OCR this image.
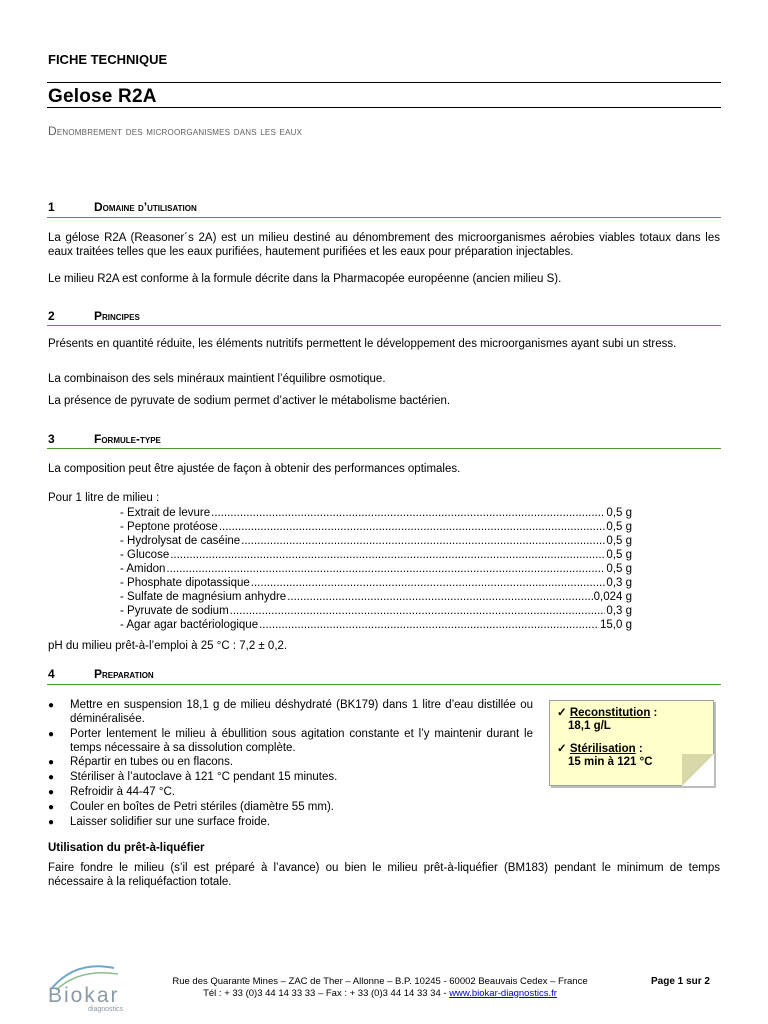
FICHE TECHNIQUE
Gelose R2A
Denombrement des microorganismes dans les eaux
1	Domaine d’utilisation
La gélose R2A (Reasoner´s 2A) est un milieu destiné au dénombrement des microorganismes aérobies viables totaux dans les eaux traitées telles que les eaux purifiées, hautement purifiées et les eaux pour préparation injectables.
Le milieu R2A est conforme à la formule décrite dans la Pharmacopée européenne (ancien milieu S).
2	Principes
Présents en quantité réduite, les éléments nutritifs permettent le développement des microorganismes ayant subi un stress.
La combinaison des sels minéraux maintient l’équilibre osmotique.
La présence de pyruvate de sodium permet d’activer le métabolisme bactérien.
3	Formule-type
La composition peut être ajustée de façon à obtenir des performances optimales.
Pour 1 litre de milieu :
- Extrait de levure .....	0,5 g
- Peptone protéose .....	0,5 g
- Hydrolysat de caséine .....	0,5 g
- Glucose .....	0,5 g
- Amidon .....	0,5 g
- Phosphate dipotassique .....	0,3 g
- Sulfate de magnésium anhydre .....	0,024 g
- Pyruvate de sodium .....	0,3 g
- Agar agar bactériologique .....	15,0 g
pH du milieu prêt-à-l’emploi à 25 °C : 7,2 ± 0,2.
4	Preparation
●	Mettre en suspension 18,1 g de milieu déshydraté (BK179) dans 1 litre d’eau distillée ou déminéralisée.
●	Porter lentement le milieu à ébullition sous agitation constante et l’y maintenir durant le temps nécessaire à sa dissolution complète.
●	Répartir en tubes ou en flacons.
●	Stériliser à l’autoclave à 121 °C pendant 15 minutes.
●	Refroidir à 44-47 °C.
●	Couler en boîtes de Petri stériles (diamètre 55 mm).
●	Laisser solidifier sur une surface froide.
✓ Reconstitution :
18,1 g/L
✓ Stérilisation :
15 min à 121 °C
Utilisation du prêt-à-liquéfier
Faire fondre le milieu (s’il est préparé à l’avance) ou bien le milieu prêt-à-liquéfier (BM183) pendant le minimum de temps nécessaire à la reliquéfaction totale.
Biokar
diagnostics
Rue des Quarante Mines – ZAC de Ther – Allonne – B.P. 10245 - 60002 Beauvais Cedex – France
Tél : + 33 (0)3 44 14 33 33 – Fax : + 33 (0)3 44 14 33 34 - www.biokar-diagnostics.fr
Page 1 sur 2
